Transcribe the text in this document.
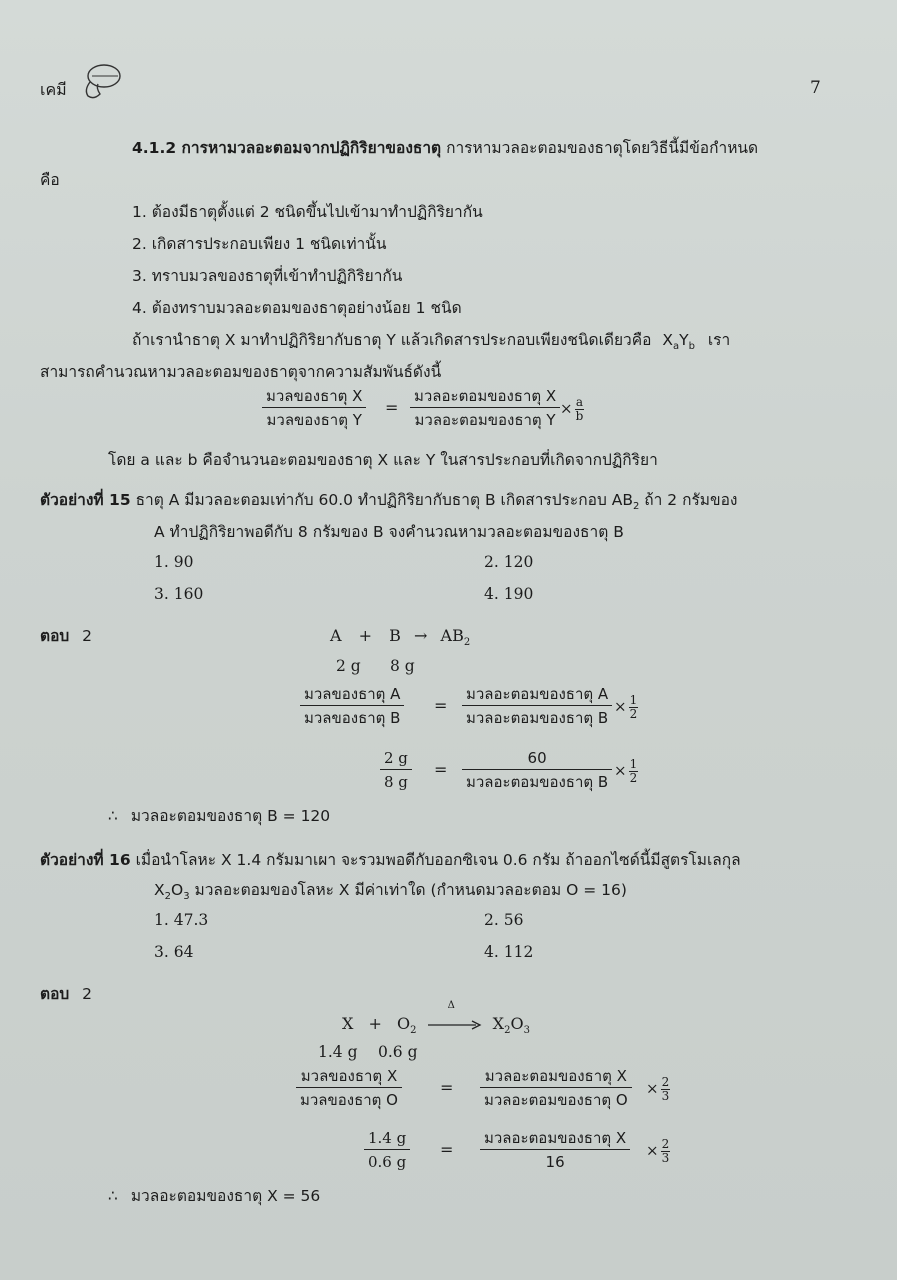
เคมี	7
4.1.2 การหามวลอะตอมจากปฏิกิริยาของธาตุ การหามวลอะตอมของธาตุโดยวิธีนี้มีข้อกำหนด
คือ
1. ต้องมีธาตุตั้งแต่ 2 ชนิดขึ้นไปเข้ามาทำปฏิกิริยากัน
2. เกิดสารประกอบเพียง 1 ชนิดเท่านั้น
3. ทราบมวลของธาตุที่เข้าทำปฏิกิริยากัน
4. ต้องทราบมวลอะตอมของธาตุอย่างน้อย 1 ชนิด
ถ้าเรานำธาตุ X มาทำปฏิกิริยากับธาตุ Y แล้วเกิดสารประกอบเพียงชนิดเดียวคือ $X_aY_b$ เรา
สามารถคำนวณหามวลอะตอมของธาตุจากความสัมพันธ์ดังนี้
มวลของธาตุ X
มวลของธาตุ Y
=
มวลอะตอมของธาตุ X
มวลอะตอมของธาตุ Y
× $\frac{a}{b}$
โดย a และ b คือจำนวนอะตอมของธาตุ X และ Y ในสารประกอบที่เกิดจากปฏิกิริยา
ตัวอย่างที่ 15 ธาตุ A มีมวลอะตอมเท่ากับ 60.0 ทำปฏิกิริยากับธาตุ B เกิดสารประกอบ $AB_2$ ถ้า 2 กรัมของ
A ทำปฏิกิริยาพอดีกับ 8 กรัมของ B จงคำนวณหามวลอะตอมของธาตุ B
1. 90	2. 120
3. 160	4. 190
ตอบ 2	$A + B \to AB_2$
2 g 8 g
มวลของธาตุ A
มวลของธาตุ B
=
มวลอะตอมของธาตุ A
มวลอะตอมของธาตุ B
× $\frac{1}{2}$
$\frac{2 g}{8 g}$ =
60
มวลอะตอมของธาตุ B
× $\frac{1}{2}$
∴ มวลอะตอมของธาตุ B = 120
ตัวอย่างที่ 16 เมื่อนำโลหะ X 1.4 กรัมมาเผา จะรวมพอดีกับออกซิเจน 0.6 กรัม ถ้าออกไซด์นี้มีสูตรโมเลกุล
$X_2O_3$ มวลอะตอมของโลหะ X มีค่าเท่าใด (กำหนดมวลอะตอม O = 16)
1. 47.3	2. 56
3. 64	4. 112
ตอบ 2
$X + O_2$
Δ
$X_2O_3$
1.4 g 0.6 g
มวลของธาตุ X
มวลของธาตุ O
=
มวลอะตอมของธาตุ X
มวลอะตอมของธาตุ O
× $\frac{2}{3}$
$\frac{1.4 g}{0.6 g}$ =
มวลอะตอมของธาตุ X
16
× $\frac{2}{3}$
∴ มวลอะตอมของธาตุ X = 56
